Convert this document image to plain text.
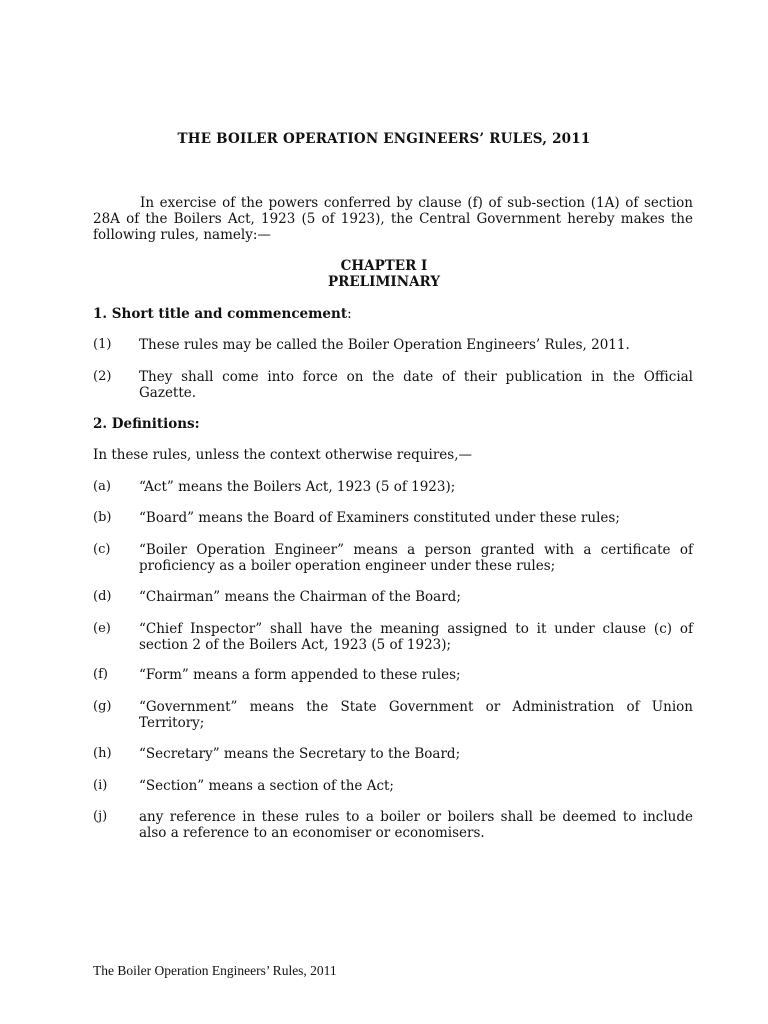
THE BOILER OPERATION ENGINEERS’ RULES, 2011
In exercise of the powers conferred by clause (f) of sub-section (1A) of section 28A of the Boilers Act, 1923 (5 of 1923), the Central Government hereby makes the following rules, namely:—
CHAPTER I
PRELIMINARY
1. Short title and commencement:
(1) These rules may be called the Boiler Operation Engineers’ Rules, 2011.
(2) They shall come into force on the date of their publication in the Official Gazette.
2. Definitions:
In these rules, unless the context otherwise requires,—
(a) “Act” means the Boilers Act, 1923 (5 of 1923);
(b) “Board” means the Board of Examiners constituted under these rules;
(c) “Boiler Operation Engineer” means a person granted with a certificate of proficiency as a boiler operation engineer under these rules;
(d) “Chairman” means the Chairman of the Board;
(e) “Chief Inspector” shall have the meaning assigned to it under clause (c) of section 2 of the Boilers Act, 1923 (5 of 1923);
(f) “Form” means a form appended to these rules;
(g) “Government” means the State Government or Administration of Union Territory;
(h) “Secretary” means the Secretary to the Board;
(i) “Section” means a section of the Act;
(j) any reference in these rules to a boiler or boilers shall be deemed to include also a reference to an economiser or economisers.
The Boiler Operation Engineers’ Rules, 2011
